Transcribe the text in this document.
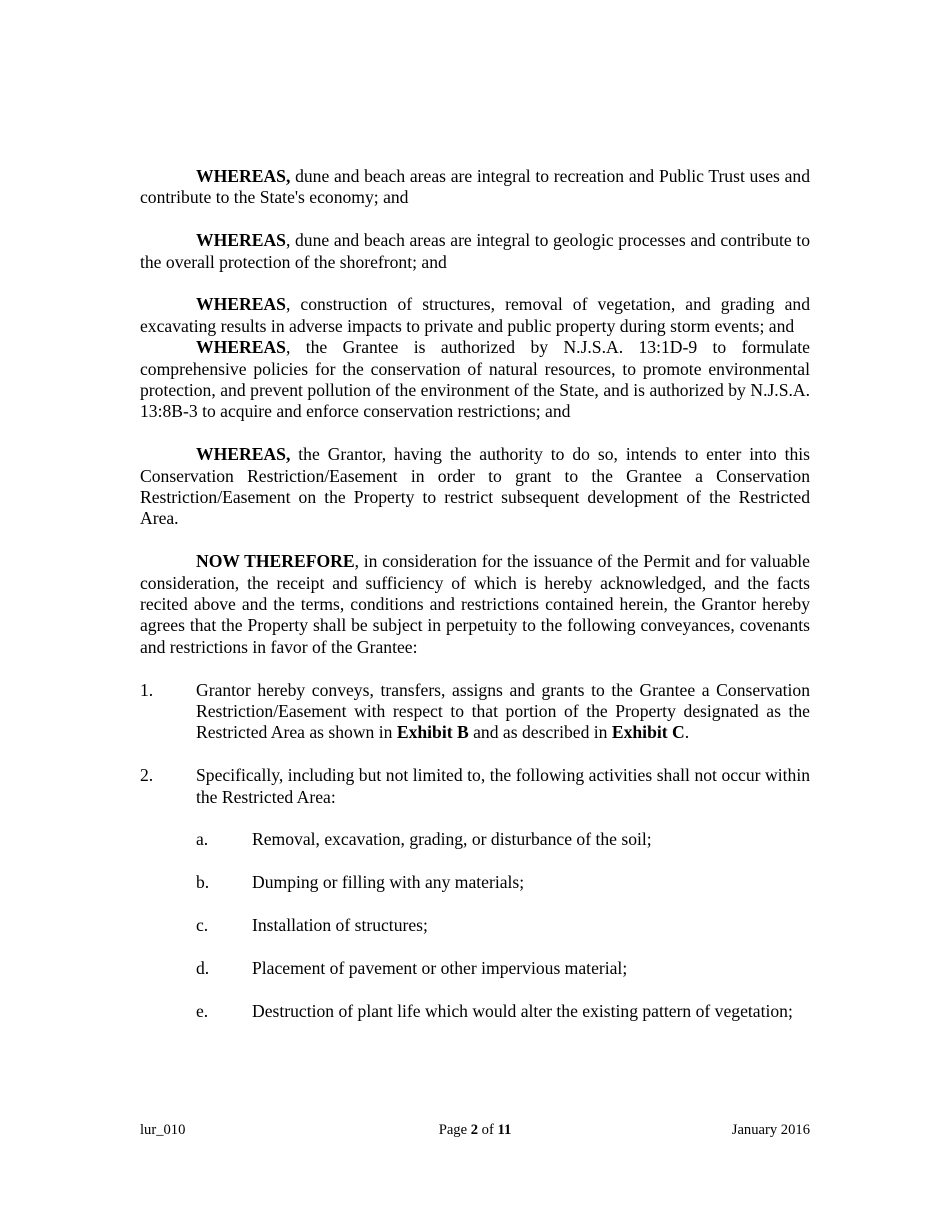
WHEREAS, dune and beach areas are integral to recreation and Public Trust uses and contribute to the State's economy; and

WHEREAS, dune and beach areas are integral to geologic processes and contribute to the overall protection of the shorefront; and

WHEREAS, construction of structures, removal of vegetation, and grading and excavating results in adverse impacts to private and public property during storm events; and

WHEREAS, the Grantee is authorized by N.J.S.A. 13:1D-9 to formulate comprehensive policies for the conservation of natural resources, to promote environmental protection, and prevent pollution of the environment of the State, and is authorized by N.J.S.A. 13:8B-3 to acquire and enforce conservation restrictions; and

WHEREAS, the Grantor, having the authority to do so, intends to enter into this Conservation Restriction/Easement in order to grant to the Grantee a Conservation Restriction/Easement on the Property to restrict subsequent development of the Restricted Area.

NOW THEREFORE, in consideration for the issuance of the Permit and for valuable consideration, the receipt and sufficiency of which is hereby acknowledged, and the facts recited above and the terms, conditions and restrictions contained herein, the Grantor hereby agrees that the Property shall be subject in perpetuity to the following conveyances, covenants and restrictions in favor of the Grantee:

1.	Grantor hereby conveys, transfers, assigns and grants to the Grantee a Conservation Restriction/Easement with respect to that portion of the Property designated as the Restricted Area as shown in Exhibit B and as described in Exhibit C.
2.	Specifically, including but not limited to, the following activities shall not occur within the Restricted Area:
a.	Removal, excavation, grading, or disturbance of the soil;
b.	Dumping or filling with any materials;
c.	Installation of structures;
d.	Placement of pavement or other impervious material;
e.	Destruction of plant life which would alter the existing pattern of vegetation;
lur_010	Page 2 of 11	January 2016
